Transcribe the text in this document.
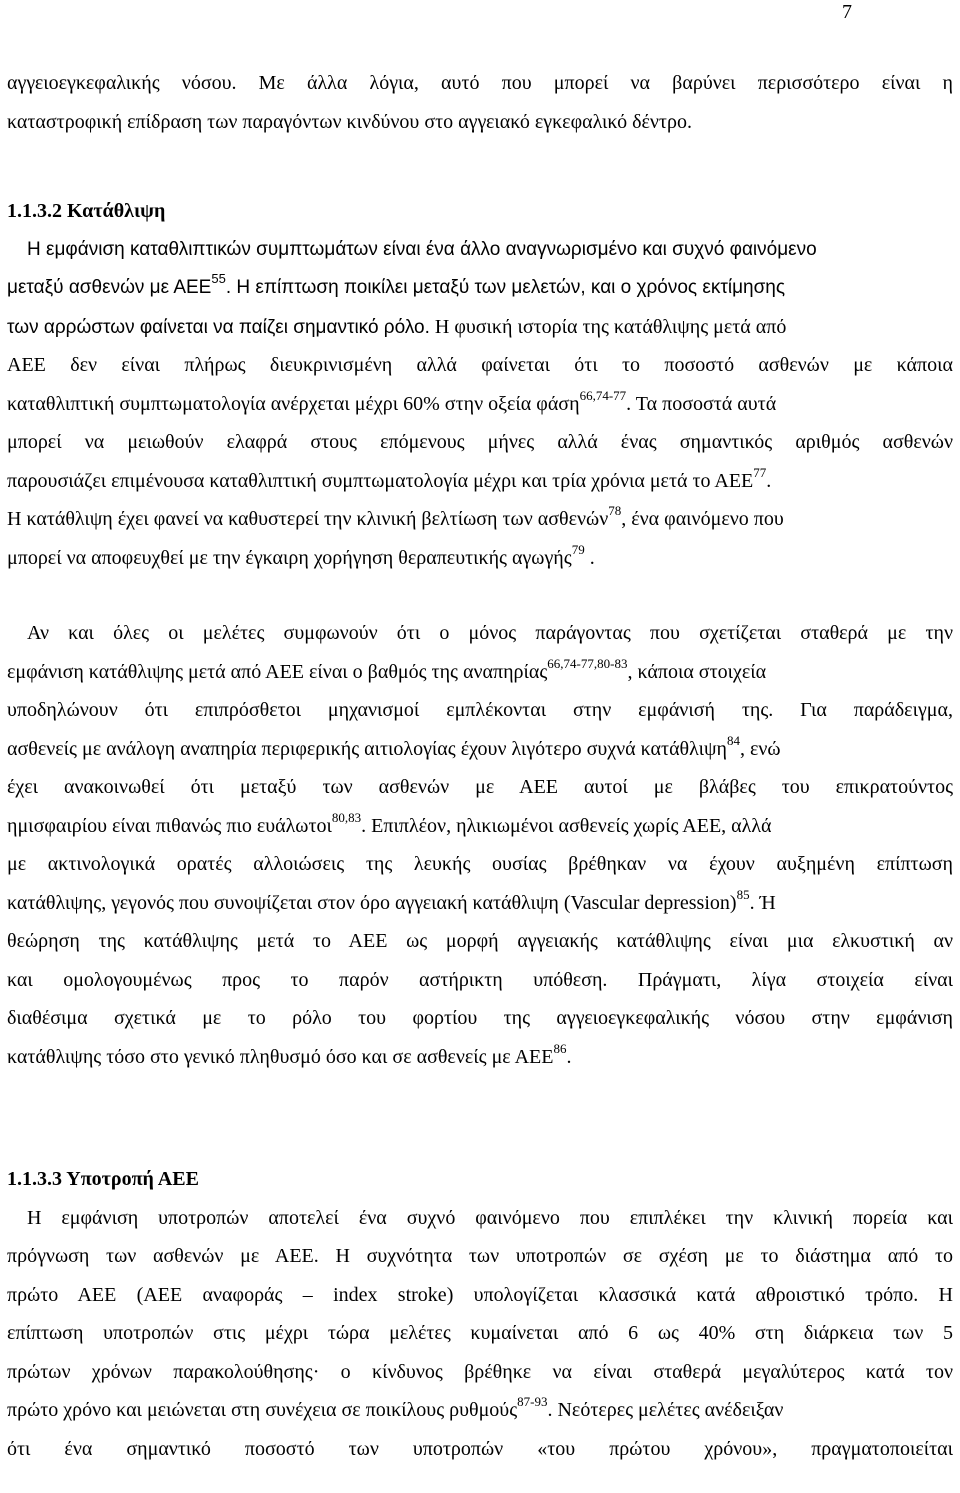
7
αγγειοεγκεφαλικής νόσου. Με άλλα λόγια, αυτό που μπορεί να βαρύνει περισσότερο είναι η
καταστροφική επίδραση των παραγόντων κινδύνου στο αγγειακό εγκεφαλικό δέντρο.
1.1.3.2 Κατάθλιψη
Η εμφάνιση καταθλιπτικών συμπτωμάτων είναι ένα άλλο αναγνωρισμένο και συχνό φαινόμενο
μεταξύ ασθενών με ΑΕΕ$^{55}$. Η επίπτωση ποικίλει μεταξύ των μελετών, και ο χρόνος εκτίμησης
των αρρώστων φαίνεται να παίζει σημαντικό ρόλο. Η φυσική ιστορία της κατάθλιψης μετά από
ΑΕΕ δεν είναι πλήρως διευκρινισμένη αλλά φαίνεται ότι το ποσοστό ασθενών με κάποια
καταθλιπτική συμπτωματολογία ανέρχεται μέχρι 60% στην οξεία φάση$^{66,74-77}$. Τα ποσοστά αυτά
μπορεί να μειωθούν ελαφρά στους επόμενους μήνες αλλά ένας σημαντικός αριθμός ασθενών
παρουσιάζει επιμένουσα καταθλιπτική συμπτωματολογία μέχρι και τρία χρόνια μετά το ΑΕΕ$^{77}$.
Η κατάθλιψη έχει φανεί να καθυστερεί την κλινική βελτίωση των ασθενών$^{78}$, ένα φαινόμενο που
μπορεί να αποφευχθεί με την έγκαιρη χορήγηση θεραπευτικής αγωγής$^{79}$ .
Αν και όλες οι μελέτες συμφωνούν ότι ο μόνος παράγοντας που σχετίζεται σταθερά με την
εμφάνιση κατάθλιψης μετά από ΑΕΕ είναι ο βαθμός της αναπηρίας$^{66,74-77,80-83}$, κάποια στοιχεία
υποδηλώνουν ότι επιπρόσθετοι μηχανισμοί εμπλέκονται στην εμφάνισή της. Για παράδειγμα,
ασθενείς με ανάλογη αναπηρία περιφερικής αιτιολογίας έχουν λιγότερο συχνά κατάθλιψη$^{84}$, ενώ
έχει ανακοινωθεί ότι μεταξύ των ασθενών με ΑΕΕ αυτοί με βλάβες του επικρατούντος
ημισφαιρίου είναι πιθανώς πιο ευάλωτοι$^{80,83}$. Επιπλέον, ηλικιωμένοι ασθενείς χωρίς ΑΕΕ, αλλά
με ακτινολογικά ορατές αλλοιώσεις της λευκής ουσίας βρέθηκαν να έχουν αυξημένη επίπτωση
κατάθλιψης, γεγονός που συνοψίζεται στον όρο αγγειακή κατάθλιψη (Vascular depression)$^{85}$. Ή
θεώρηση της κατάθλιψης μετά το ΑΕΕ ως μορφή αγγειακής κατάθλιψης είναι μια ελκυστική αν
και ομολογουμένως προς το παρόν αστήρικτη υπόθεση. Πράγματι, λίγα στοιχεία είναι
διαθέσιμα σχετικά με το ρόλο του φορτίου της αγγειοεγκεφαλικής νόσου στην εμφάνιση
κατάθλιψης τόσο στο γενικό πληθυσμό όσο και σε ασθενείς με ΑΕΕ$^{86}$.
1.1.3.3 Υποτροπή ΑΕΕ
Η εμφάνιση υποτροπών αποτελεί ένα συχνό φαινόμενο που επιπλέκει την κλινική πορεία και
πρόγνωση των ασθενών με ΑΕΕ. Η συχνότητα των υποτροπών σε σχέση με το διάστημα από το
πρώτο ΑΕΕ (ΑΕΕ αναφοράς – index stroke) υπολογίζεται κλασσικά κατά αθροιστικό τρόπο. Η
επίπτωση υποτροπών στις μέχρι τώρα μελέτες κυμαίνεται από 6 ως 40% στη διάρκεια των 5
πρώτων χρόνων παρακολούθησης· ο κίνδυνος βρέθηκε να είναι σταθερά μεγαλύτερος κατά τον
πρώτο χρόνο και μειώνεται στη συνέχεια σε ποικίλους ρυθμούς$^{87-93}$. Νεότερες μελέτες ανέδειξαν
ότι ένα σημαντικό ποσοστό των υποτροπών «του πρώτου χρόνου», πραγματοποιείται
